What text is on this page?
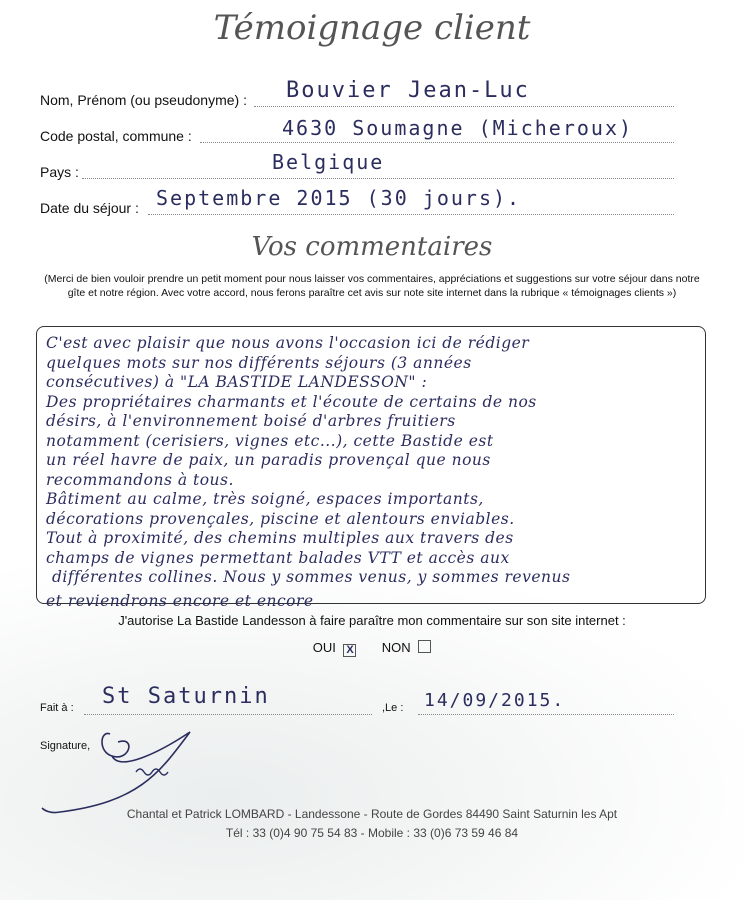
Témoignage client
Nom, Prénom (ou pseudonyme) : Bouvier Jean-Luc
Code postal, commune :	4630 Soumagne (Micheroux)
Pays :	Belgique
Date du séjour : Septembre 2015 (30 jours).
Vos commentaires
(Merci de bien vouloir prendre un petit moment pour nous laisser vos commentaires, appréciations et suggestions sur votre séjour dans notre gîte et notre région. Avec votre accord, nous ferons paraître cet avis sur note site internet dans la rubrique « témoignages clients »)
C'est avec plaisir que nous avons l'occasion ici de rédiger
quelques mots sur nos différents séjours (3 années
consécutives) à "LA BASTIDE LANDESSON" :
Des propriétaires charmants et l'écoute de certains de nos
désirs, à l'environnement boisé d'arbres fruitiers
notamment (cerisiers, vignes etc...), cette Bastide est
un réel havre de paix, un paradis provençal que nous
recommandons à tous.
Bâtiment au calme, très soigné, espaces importants,
décorations provençales, piscine et alentours enviables.
Tout à proximité, des chemins multiples aux travers des
champs de vignes permettant balades VTT et accès aux
différentes collines. Nous y sommes venus, y sommes revenus
et reviendrons encore et encore
J'autorise La Bastide Landesson à faire paraître mon commentaire sur son site internet :
OUI X NON
Fait à : St Saturnin	,Le : 14/09/2015.
Signature,
Chantal et Patrick LOMBARD - Landessone - Route de Gordes 84490 Saint Saturnin les Apt
Tél : 33 (0)4 90 75 54 83 - Mobile : 33 (0)6 73 59 46 84
